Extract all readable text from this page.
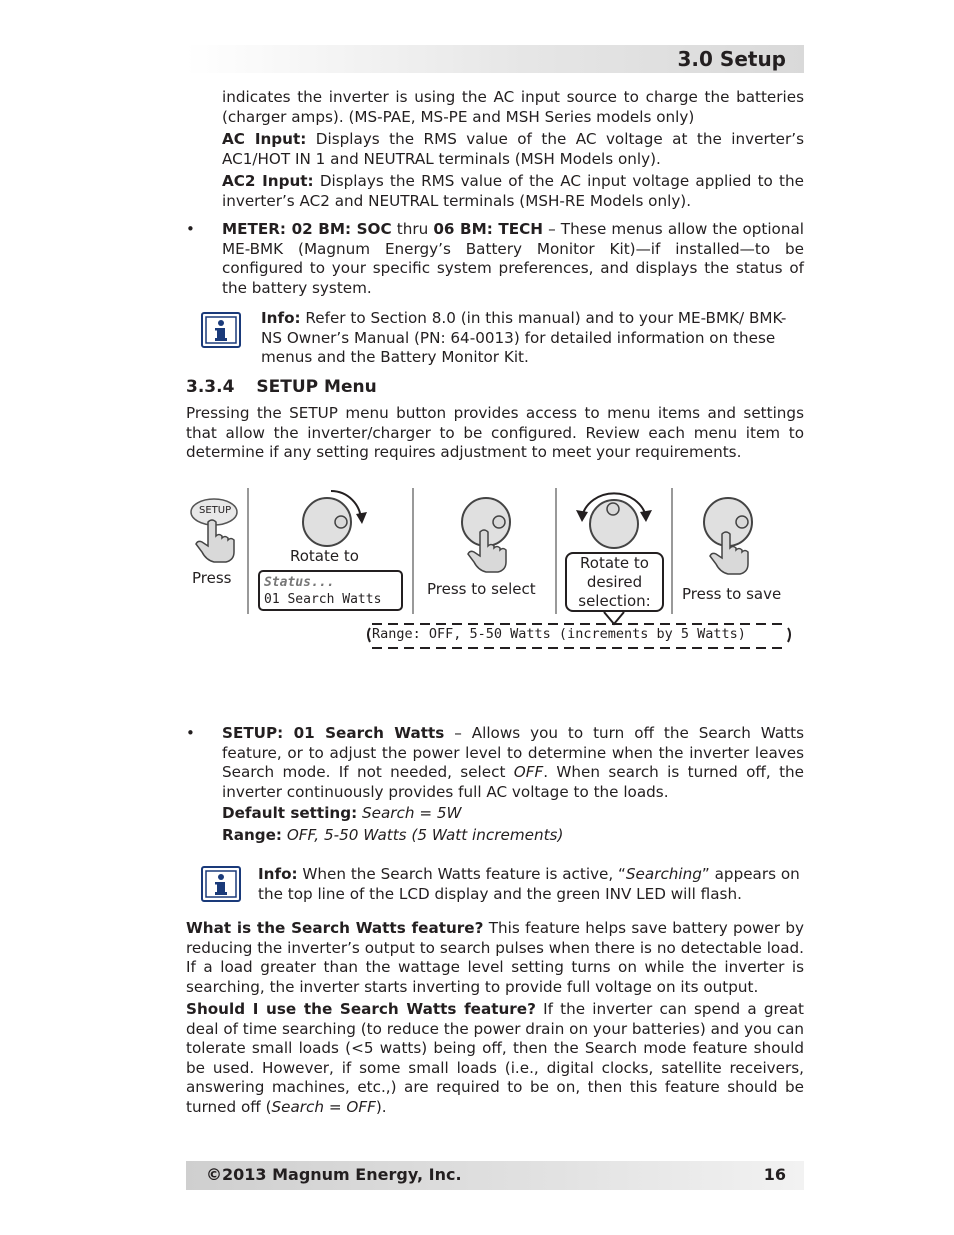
3.0 Setup

indicates the inverter is using the AC input source to charge the batteries (charger amps). (MS-PAE, MS-PE and MSH Series models only)

AC Input: Displays the RMS value of the AC voltage at the inverter’s AC1/HOT IN 1 and NEUTRAL terminals (MSH Models only).

AC2 Input: Displays the RMS value of the AC input voltage applied to the inverter’s AC2 and NEUTRAL terminals (MSH-RE Models only).

• METER: 02 BM: SOC thru 06 BM: TECH – These menus allow the optional ME-BMK (Magnum Energy’s Battery Monitor Kit)—if installed—to be configured to your specific system preferences, and displays the status of the battery system.

Info: Refer to Section 8.0 (in this manual) and to your ME-BMK/ BMK-NS Owner’s Manual (PN: 64-0013) for detailed information on these menus and the Battery Monitor Kit.

3.3.4 SETUP Menu

Pressing the SETUP menu button provides access to menu items and settings that allow the inverter/charger to be configured. Review each menu item to determine if any setting requires adjustment to meet your requirements.

SETUP
Press
Rotate to
Status...
01 Search Watts
Press to select
Rotate to
desired
selection:	Press to save
Range: OFF, 5-50 Watts (increments by 5 Watts)
• SETUP: 01 Search Watts – Allows you to turn off the Search Watts feature, or to adjust the power level to determine when the inverter leaves Search mode. If not needed, select OFF. When search is turned off, the inverter continuously provides full AC voltage to the loads.

Default setting: Search = 5W

Range: OFF, 5-50 Watts (5 Watt increments)

Info: When the Search Watts feature is active, “Searching” appears on the top line of the LCD display and the green INV LED will flash.

What is the Search Watts feature? This feature helps save battery power by reducing the inverter’s output to search pulses when there is no detectable load. If a load greater than the wattage level setting turns on while the inverter is searching, the inverter starts inverting to provide full voltage on its output.

Should I use the Search Watts feature? If the inverter can spend a great deal of time searching (to reduce the power drain on your batteries) and you can tolerate small loads (<5 watts) being off, then the Search mode feature should be used. However, if some small loads (i.e., digital clocks, satellite receivers, answering machines, etc.,) are required to be on, then this feature should be turned off (Search = OFF).

©2013 Magnum Energy, Inc.	16
